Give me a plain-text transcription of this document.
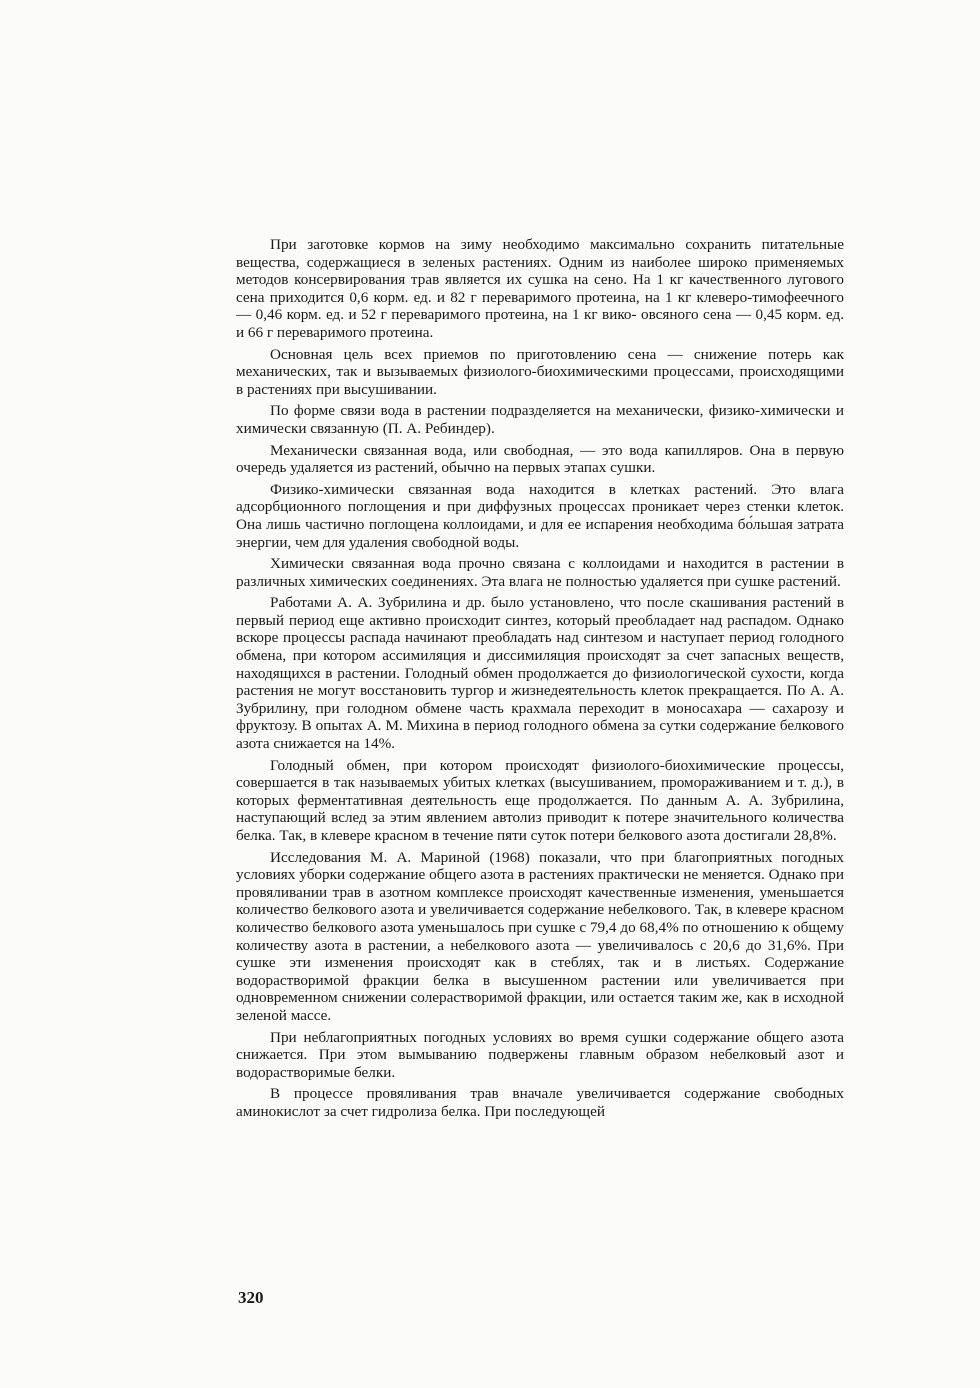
При заготовке кормов на зиму необходимо максимально сохранить питательные вещества, содержащиеся в зеленых растениях. Одним из наиболее широко применяемых методов консервирования трав является их сушка на сено. На 1 кг качественного лугового сена приходится 0,6 корм. ед. и 82 г переваримого протеина, на 1 кг клеверо-тимофеечного — 0,46 корм. ед. и 52 г переваримого протеина, на 1 кг вико- овсяного сена — 0,45 корм. ед. и 66 г переваримого протеина.

Основная цель всех приемов по приготовлению сена — снижение потерь как механических, так и вызываемых физиолого-биохимическими процессами, происходящими в растениях при высушивании.

По форме связи вода в растении подразделяется на механически, физико-химически и химически связанную (П. А. Ребиндер).

Механически связанная вода, или свободная, — это вода капилляров. Она в первую очередь удаляется из растений, обычно на первых этапах сушки.

Физико-химически связанная вода находится в клетках растений. Это влага адсорбционного поглощения и при диффузных процессах проникает через стенки клеток. Она лишь частично поглощена коллоидами, и для ее испарения необходима бо́льшая затрата энергии, чем для удаления свободной воды.

Химически связанная вода прочно связана с коллоидами и находится в растении в различных химических соединениях. Эта влага не полностью удаляется при сушке растений.

Работами А. А. Зубрилина и др. было установлено, что после скашивания растений в первый период еще активно происходит синтез, который преобладает над распадом. Однако вскоре процессы распада начинают преобладать над синтезом и наступает период голодного обмена, при котором ассимиляция и диссимиляция происходят за счет запасных веществ, находящихся в растении. Голодный обмен продолжается до физиологической сухости, когда растения не могут восстановить тургор и жизнедеятельность клеток прекращается. По А. А. Зубрилину, при голодном обмене часть крахмала переходит в моносахара — сахарозу и фруктозу. В опытах А. М. Михина в период голодного обмена за сутки содержание белкового азота снижается на 14%.

Голодный обмен, при котором происходят физиолого-биохимические процессы, совершается в так называемых убитых клетках (высушиванием, промораживанием и т. д.), в которых ферментативная деятельность еще продолжается. По данным А. А. Зубрилина, наступающий вслед за этим явлением автолиз приводит к потере значительного количества белка. Так, в клевере красном в течение пяти суток потери белкового азота достигали 28,8%.

Исследования М. А. Мариной (1968) показали, что при благоприятных погодных условиях уборки содержание общего азота в растениях практически не меняется. Однако при провяливании трав в азотном комплексе происходят качественные изменения, уменьшается количество белкового азота и увеличивается содержание небелкового. Так, в клевере красном количество белкового азота уменьшалось при сушке с 79,4 до 68,4% по отношению к общему количеству азота в растении, а небелкового азота — увеличивалось с 20,6 до 31,6%. При сушке эти изменения происходят как в стеблях, так и в листьях. Содержание водорастворимой фракции белка в высушенном растении или увеличивается при одновременном снижении солерастворимой фракции, или остается таким же, как в исходной зеленой массе.

При неблагоприятных погодных условиях во время сушки содержание общего азота снижается. При этом вымыванию подвержены главным образом небелковый азот и водорастворимые белки.

В процессе провяливания трав вначале увеличивается содержание свободных аминокислот за счет гидролиза белка. При последующей

320
